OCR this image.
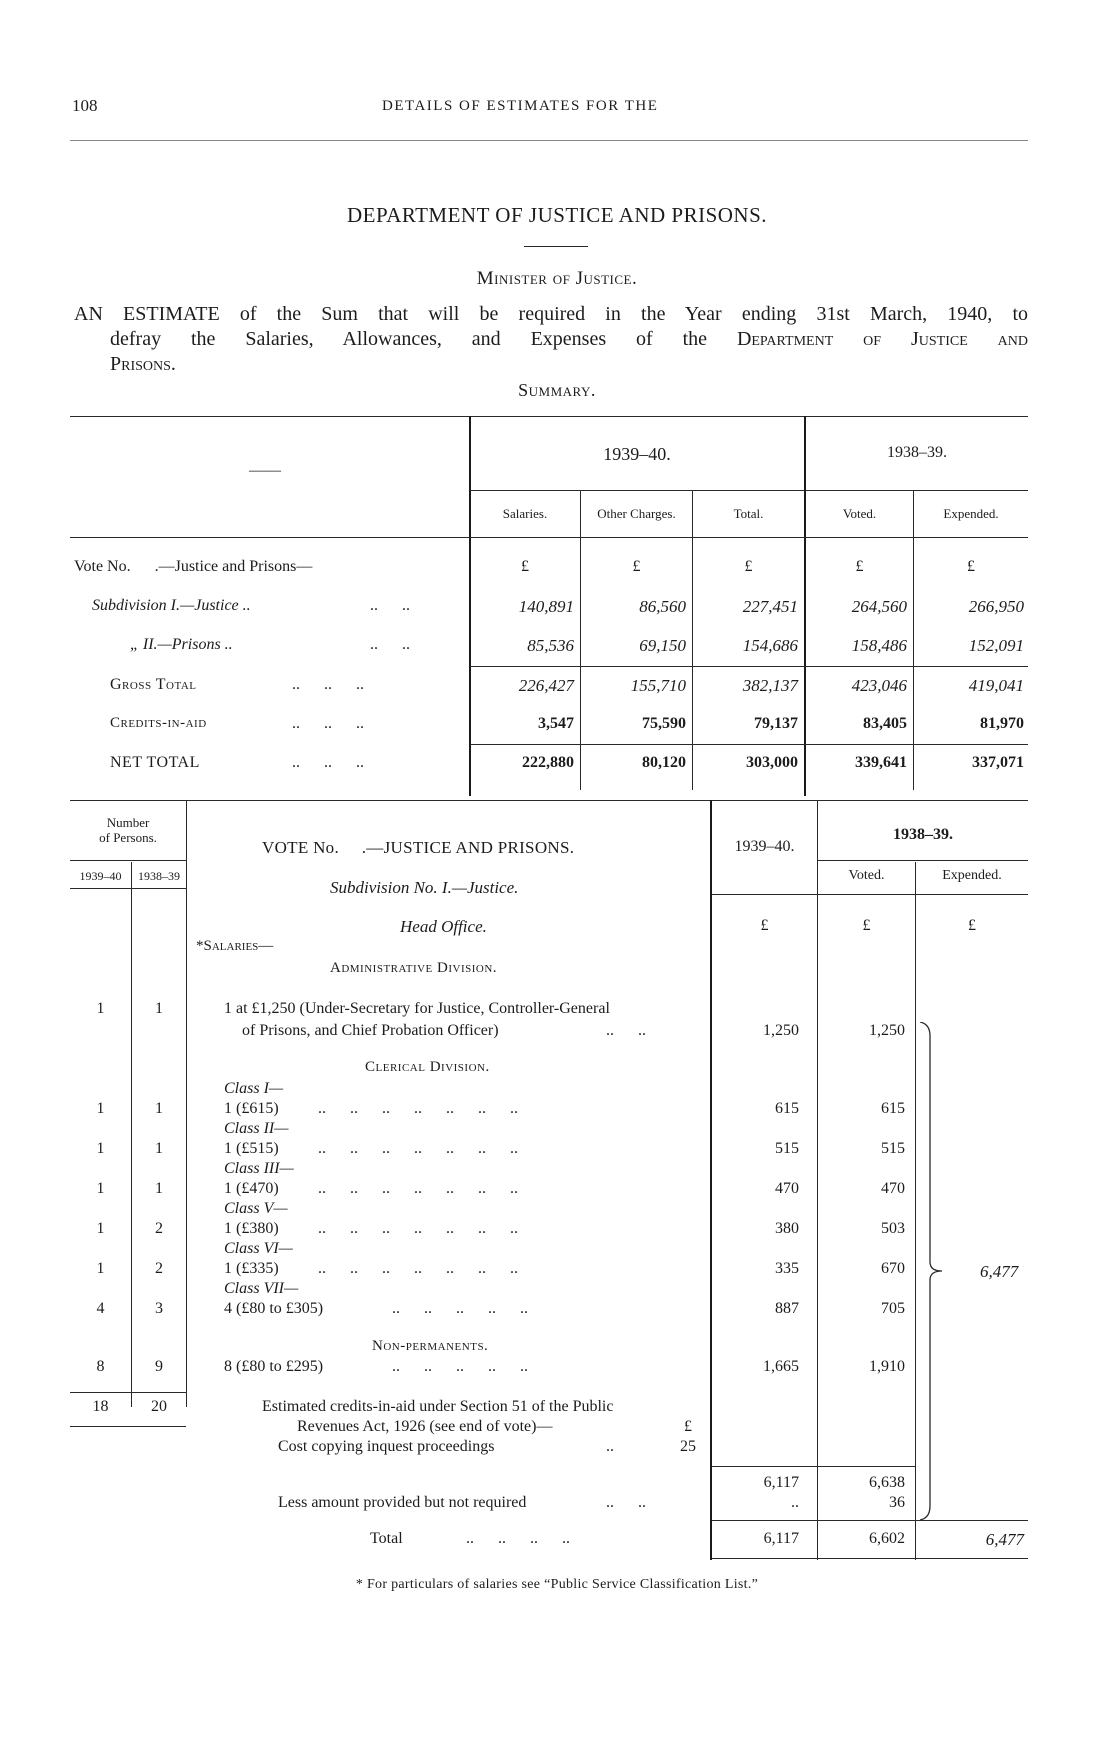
108	DETAILS OF ESTIMATES FOR THE
DEPARTMENT OF JUSTICE AND PRISONS.
Minister of Justice.
AN ESTIMATE of the Sum that will be required in the Year ending 31st March, 1940, to
defray the Salaries, Allowances, and Expenses of the Department of Justice and
Prisons.
Summary.
——
1939–40.	1938–39.
Salaries.	Other Charges.	Total.	Voted.	Expended.
Vote No. .—Justice and Prisons—	£	£	£	£	£
Subdivision I.—Justice ..	..      ..	140,891	86,560	227,451	264,560	266,950
„ II.—Prisons ..	..      ..	85,536	69,150	154,686	158,486	152,091
Gross Total	..      ..      ..	226,427	155,710	382,137	423,046	419,041
Credits-in-aid	..      ..      ..	3,547	75,590	79,137	83,405	81,970
NET TOTAL	..      ..      ..	222,880	80,120	303,000	339,641	337,071
Number
of Persons.
1939–40	1938–39
VOTE No.     .—JUSTICE AND PRISONS.
Subdivision No. I.—Justice.
1939–40.
1938–39.
Voted.	Expended.
£	£	£
Head Office.
*Salaries—
Administrative Division.
1	1	1 at £1,250 (Under-Secretary for Justice, Controller-General
of Prisons, and Chief Probation Officer)	..      ..	1,250	1,250
Clerical Division.
Class I—
1	1	1 (£615) ..      ..      ..      ..      ..      ..      ..	615	615
Class II—
1	1	1 (£515) ..      ..      ..      ..      ..      ..      ..	515	515
Class III—
1	1	1 (£470) ..      ..      ..      ..      ..      ..      ..	470	470
Class V—
1	2	1 (£380) ..      ..      ..      ..      ..      ..      ..	380	503
Class VI—
1	2	1 (£335) ..      ..      ..      ..      ..      ..      ..	335	670	6,477
Class VII—
4	3	4 (£80 to £305)	..      ..      ..      ..      ..	887	705
Non-permanents.
8	9	8 (£80 to £295)	..      ..      ..      ..      ..	1,665	1,910
18	20	Estimated credits-in-aid under Section 51 of the Public
Revenues Act, 1926 (see end of vote)—	£
Cost copying inquest proceedings	..	25
6,117	6,638
Less amount provided but not required	..      ..	..	36
Total	..      ..      ..      ..	6,117	6,602	6,477
* For particulars of salaries see “Public Service Classification List.”
